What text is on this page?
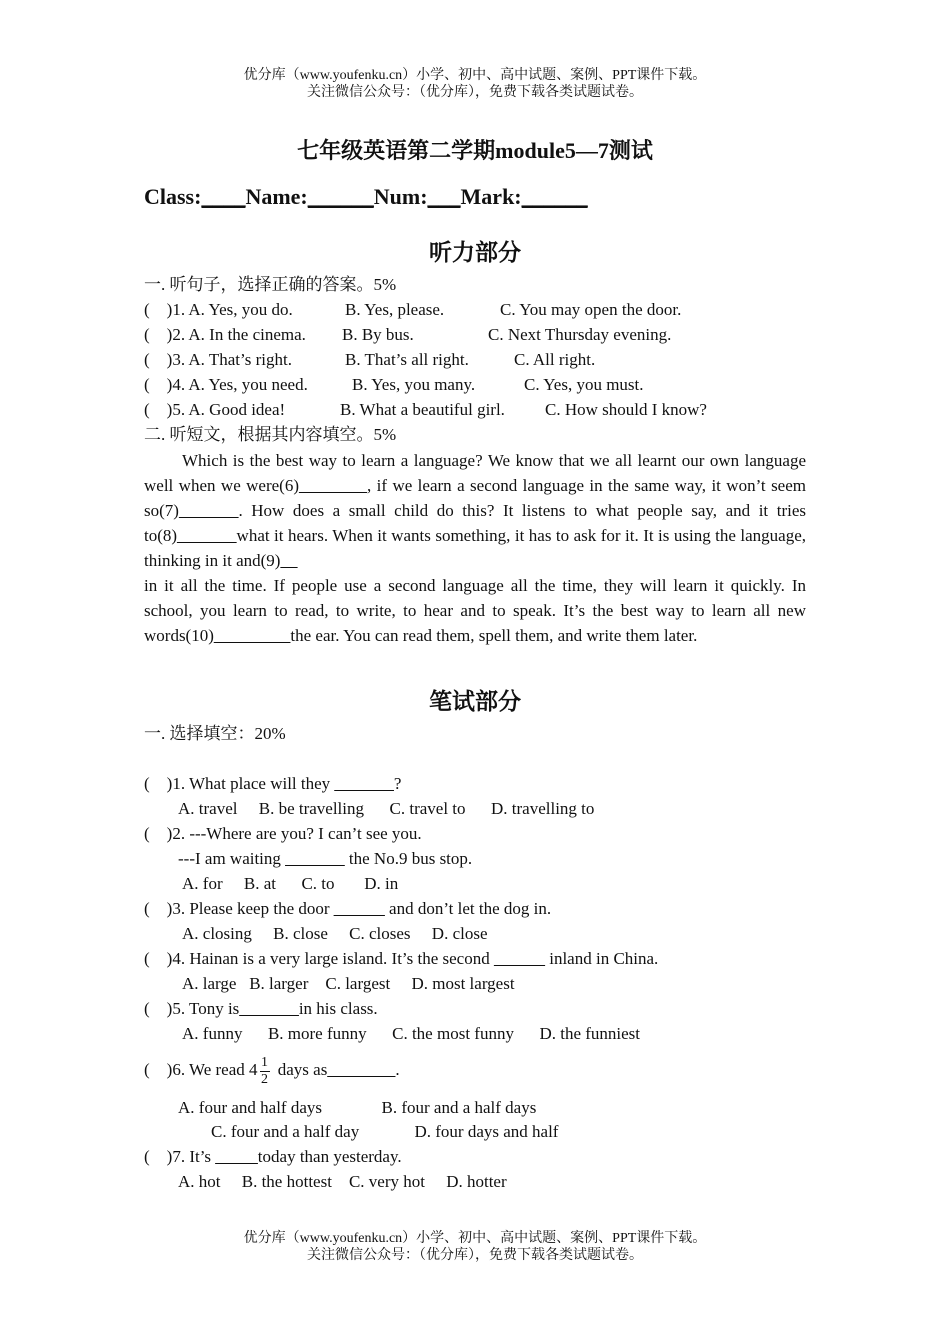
优分库（www.youfenku.cn）小学、初中、高中试题、案例、PPT课件下载。
关注微信公众号：（优分库），免费下载各类试题试卷。
七年级英语第二学期module5—7测试
Class:____Name:______Num:___Mark:______
听力部分
一. 听句子，选择正确的答案。5%
(    )1. A. Yes, you do.	B. Yes, please.	C. You may open the door.
(    )2. A. In the cinema. B. By bus.	C. Next Thursday evening.
(    )3. A. That’s right.	B. That’s all right.	C. All right.
(    )4. A. Yes, you need.	B. Yes, you many.	C. Yes, you must.
(    )5. A. Good idea!	B. What a beautiful girl. C. How should I know?
二. 听短文，根据其内容填空。5%

Which is the best way to learn a language? We know that we all learnt our own language well when we were(6)________, if we learn a second language in the same way, it won’t seem so(7)_______. How does a small child do this? It listens to what people say, and it tries to(8)_______what it hears. When it wants something, it has to ask for it. It is using the language, thinking in it and(9)__

in it all the time. If people use a second language all the time, they will learn it quickly. In school, you learn to read, to write, to hear and to speak. It’s the best way to learn all new words(10)_________the ear. You can read them, spell them, and write them later.

笔试部分
一. 选择填空：20%
(    )1. What place will they _______?
A. travel     B. be travelling      C. travel to      D. travelling to
(    )2. ---Where are you? I can’t see you.
---I am waiting _______ the No.9 bus stop.
A. for     B. at      C. to       D. in
(    )3. Please keep the door ______ and don’t let the dog in.
A. closing     B. close     C. closes     D. close
(    )4. Hainan is a very large island. It’s the second ______ inland in China.
A. large   B. larger    C. largest     D. most largest
(    )5. Tony is_______in his class.
A. funny      B. more funny      C. the most funny      D. the funniest
(    )6. We read $4 \frac{1}{2}$ days as________.
A. four and half days              B. four and a half days
C. four and a half day             D. four days and half
(    )7. It’s _____today than yesterday.
A. hot     B. the hottest    C. very hot     D. hotter
优分库（www.youfenku.cn）小学、初中、高中试题、案例、PPT课件下载。
关注微信公众号：（优分库），免费下载各类试题试卷。
